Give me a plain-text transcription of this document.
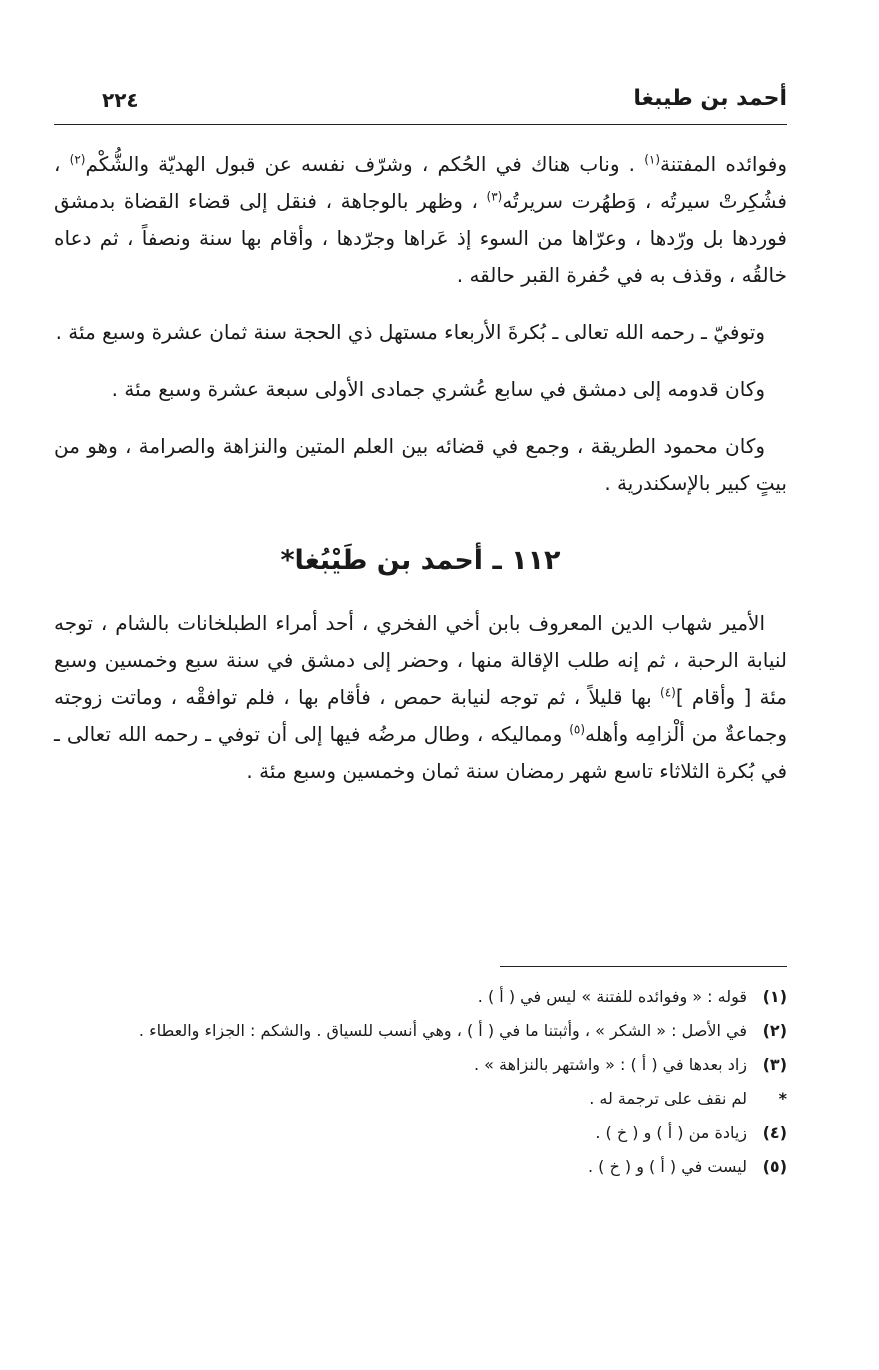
أحمد بن طيبغا
٢٢٤

وفوائده المفتنة$^{(١)}$ . وناب هناك في الحُكم ، وشرّف نفسه عن قبول الهديّة والشُّكْم$^{(٢)}$ ، فشُكِرتْ سيرتُه ، وَطهُرت سريرتُه$^{(٣)}$ ، وظهر بالوجاهة ، فنقل إلى قضاء القضاة بدمشق فوردها بل ورّدها ، وعرّاها من السوء إذ عَراها وجرّدها ، وأقام بها سنة ونصفاً ، ثم دعاه خالقُه ، وقذف به في حُفرة القبر حالقه .

وتوفيّ ـ رحمه الله تعالى ـ بُكرةَ الأربعاء مستهل ذي الحجة سنة ثمان عشرة وسبع مئة .

وكان قدومه إلى دمشق في سابع عُشري جمادى الأولى سبعة عشرة وسبع مئة .

وكان محمود الطريقة ، وجمع في قضائه بين العلم المتين والنزاهة والصرامة ، وهو من بيتٍ كبير بالإسكندرية .

١١٢ ـ أحمد بن طَيْبُغا*

الأمير شهاب الدين المعروف بابن أخي الفخري ، أحد أمراء الطبلخانات بالشام ، توجه لنيابة الرحبة ، ثم إنه طلب الإقالة منها ، وحضر إلى دمشق في سنة سبع وخمسين وسبع مئة [ وأقام ]$^{(٤)}$ بها قليلاً ، ثم توجه لنيابة حمص ، فأقام بها ، فلم توافقْه ، وماتت زوجته وجماعةٌ من ألْزامِه وأهله$^{(٥)}$ ومماليكه ، وطال مرضُه فيها إلى أن توفي ـ رحمه الله تعالى ـ في بُكرة الثلاثاء تاسع شهر رمضان سنة ثمان وخمسين وسبع مئة .

(١)
قوله : « وفوائده للفتنة » ليس في ( أ ) .
(٢)
في الأصل : « الشكر » ، وأثبتنا ما في ( أ ) ، وهي أنسب للسياق . والشكم : الجزاء والعطاء .
(٣)
زاد بعدها في ( أ ) : « واشتهر بالنزاهة » .
*
لم نقف على ترجمة له .
(٤)
زيادة من ( أ ) و ( خ ) .
(٥)
ليست في ( أ ) و ( خ ) .
